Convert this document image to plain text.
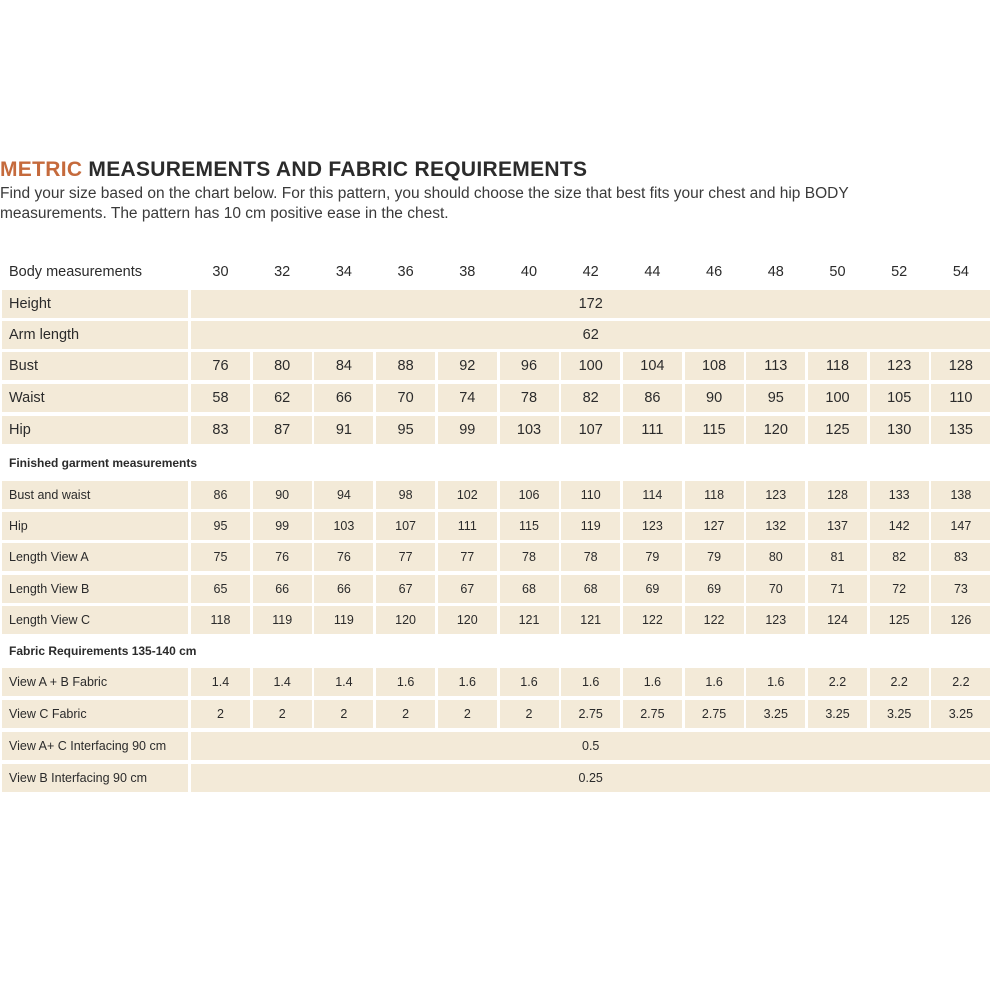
METRIC MEASUREMENTS AND FABRIC REQUIREMENTS
Find your size based on the chart below. For this pattern, you should choose the size that best fits your chest and hip BODY
measurements. The pattern has 10 cm positive ease in the chest.
Body measurements	30	32	34	36	38	40	42	44	46	48	50	52	54
Height	172
Arm length	62
Bust	76	80	84	88	92	96	100	104	108	113	118	123	128
Waist	58	62	66	70	74	78	82	86	90	95	100	105	110
Hip	83	87	91	95	99	103	107	111	115	120	125	130	135
Finished garment measurements
Bust and waist	86	90	94	98	102	106	110	114	118	123	128	133	138
Hip	95	99	103	107	111	115	119	123	127	132	137	142	147
Length View A	75	76	76	77	77	78	78	79	79	80	81	82	83
Length View B	65	66	66	67	67	68	68	69	69	70	71	72	73
Length View C	118	119	119	120	120	121	121	122	122	123	124	125	126
Fabric Requirements 135-140 cm
View A + B Fabric	1.4	1.4	1.4	1.6	1.6	1.6	1.6	1.6	1.6	1.6	2.2	2.2	2.2
View C Fabric	2	2	2	2	2	2	2.75	2.75	2.75	3.25	3.25	3.25	3.25
View A+ C Interfacing 90 cm	0.5
View B Interfacing 90 cm	0.25
